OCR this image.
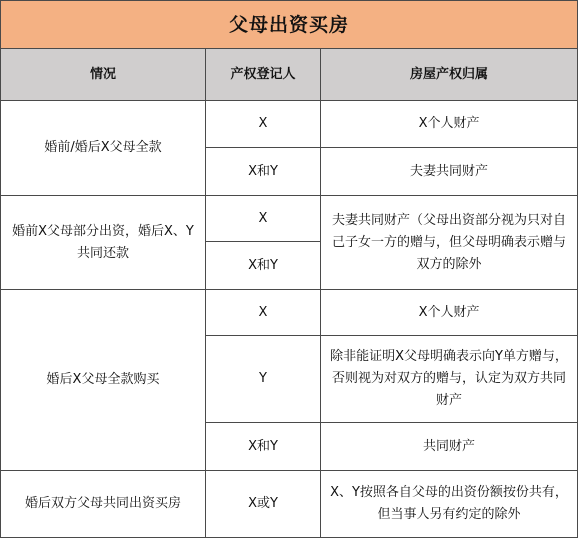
父母出资买房		
情况	产权登记人	房屋产权归属
婚前/婚后X父母全款	X	X个人财产
	X和Y	夫妻共同财产
婚前X父母部分出资，婚后X、Y共同还款	X	夫妻共同财产（父母出资部分视为只对自己子女一方的赠与，但父母明确表示赠与双方的除外
	X和Y	
婚后X父母全款购买	X	X个人财产
	Y	除非能证明X父母明确表示向Y单方赠与，否则视为对双方的赠与，认定为双方共同财产
	X和Y	共同财产
婚后双方父母共同出资买房	X或Y	X、Y按照各自父母的出资份额按份共有，但当事人另有约定的除外
